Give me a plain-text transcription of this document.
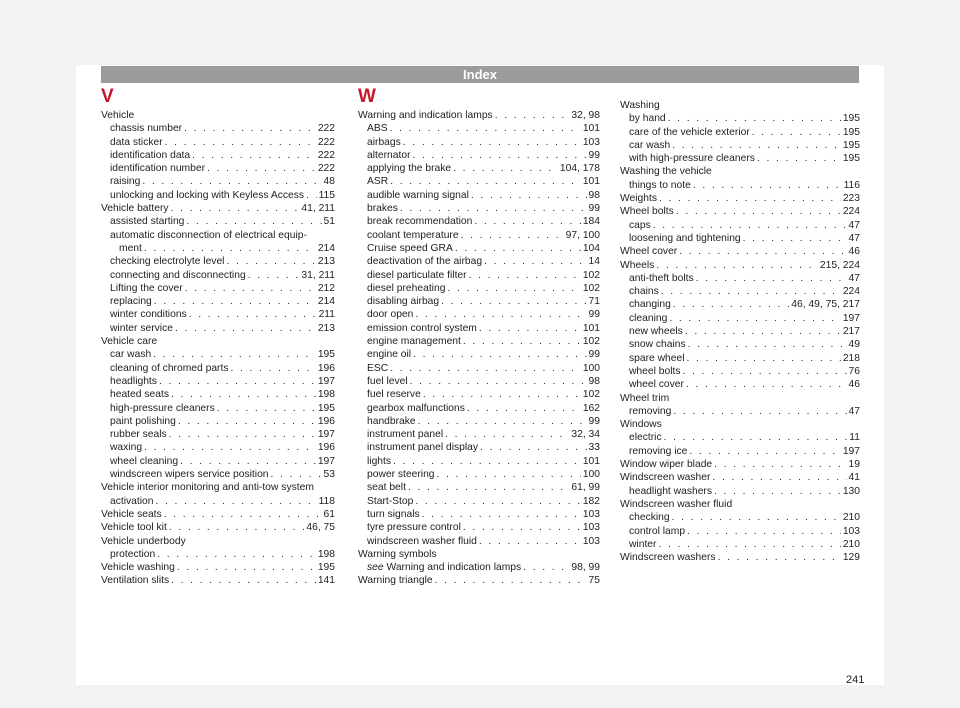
Index
V
Vehicle
chassis number . . .	222
data sticker . . .	222
identification data . . .	222
identification number . . .	222
raising . . .	48
unlocking and locking with Keyless Access . . . 115
Vehicle battery . . .	41, 211
assisted starting . . .	51
automatic disconnection of electrical equip-
ment . . .	214
checking electrolyte level . . .	213
connecting and disconnecting . . .	31, 211
Lifting the cover . . .	212
replacing . . .	214
winter conditions . . .	211
winter service . . .	213
Vehicle care
car wash . . .	195
cleaning of chromed parts . . .	196
headlights . . .	197
heated seats . . .	198
high-pressure cleaners . . .	195
paint polishing . . .	196
rubber seals . . .	197
waxing . . .	196
wheel cleaning . . .	197
windscreen wipers service position . . .	53
Vehicle interior monitoring and anti-tow system
activation . . .	118
Vehicle seats . . .	61
Vehicle tool kit . . .	46, 75
Vehicle underbody
protection . . .	198
Vehicle washing . . .	195
Ventilation slits . . .	141
W
Warning and indication lamps . . .	32, 98
ABS . . .	101
airbags . . .	103
alternator . . .	99
applying the brake . . .	104, 178
ASR . . .	101
audible warning signal . . .	98
brakes . . .	99
break recommendation . . .	184
coolant temperature . . .	97, 100
Cruise speed GRA . . .	104
deactivation of the airbag . . .	14
diesel particulate filter . . .	102
diesel preheating . . .	102
disabling airbag . . .	71
door open . . .	99
emission control system . . .	101
engine management . . .	102
engine oil . . .	99
ESC . . .	100
fuel level . . .	98
fuel reserve . . .	102
gearbox malfunctions . . .	162
handbrake . . .	99
instrument panel . . .	32, 34
instrument panel display . . .	33
lights . . .	101
power steering . . .	100
seat belt . . .	61, 99
Start-Stop . . .	182
turn signals . . .	103
tyre pressure control . . .	103
windscreen washer fluid . . .	103
Warning symbols
see Warning and indication lamps . . .	98, 99
Warning triangle . . .	75
Washing
by hand . . .	195
care of the vehicle exterior . . .	195
car wash . . .	195
with high-pressure cleaners . . .	195
Washing the vehicle
things to note . . .	116
Weights . . .	223
Wheel bolts . . .	224
caps . . .	47
loosening and tightening . . .	47
Wheel cover . . .	46
Wheels . . .	215, 224
anti-theft bolts . . .	47
chains . . .	224
changing . . .	46, 49, 75, 217
cleaning . . .	197
new wheels . . .	217
snow chains . . .	49
spare wheel . . .	218
wheel bolts . . .	76
wheel cover . . .	46
Wheel trim
removing . . .	47
Windows
electric . . .	11
removing ice . . .	197
Window wiper blade . . .	19
Windscreen washer . . .	41
headlight washers . . .	130
Windscreen washer fluid
checking . . .	210
control lamp . . .	103
winter . . .	210
Windscreen washers . . .	129
241
